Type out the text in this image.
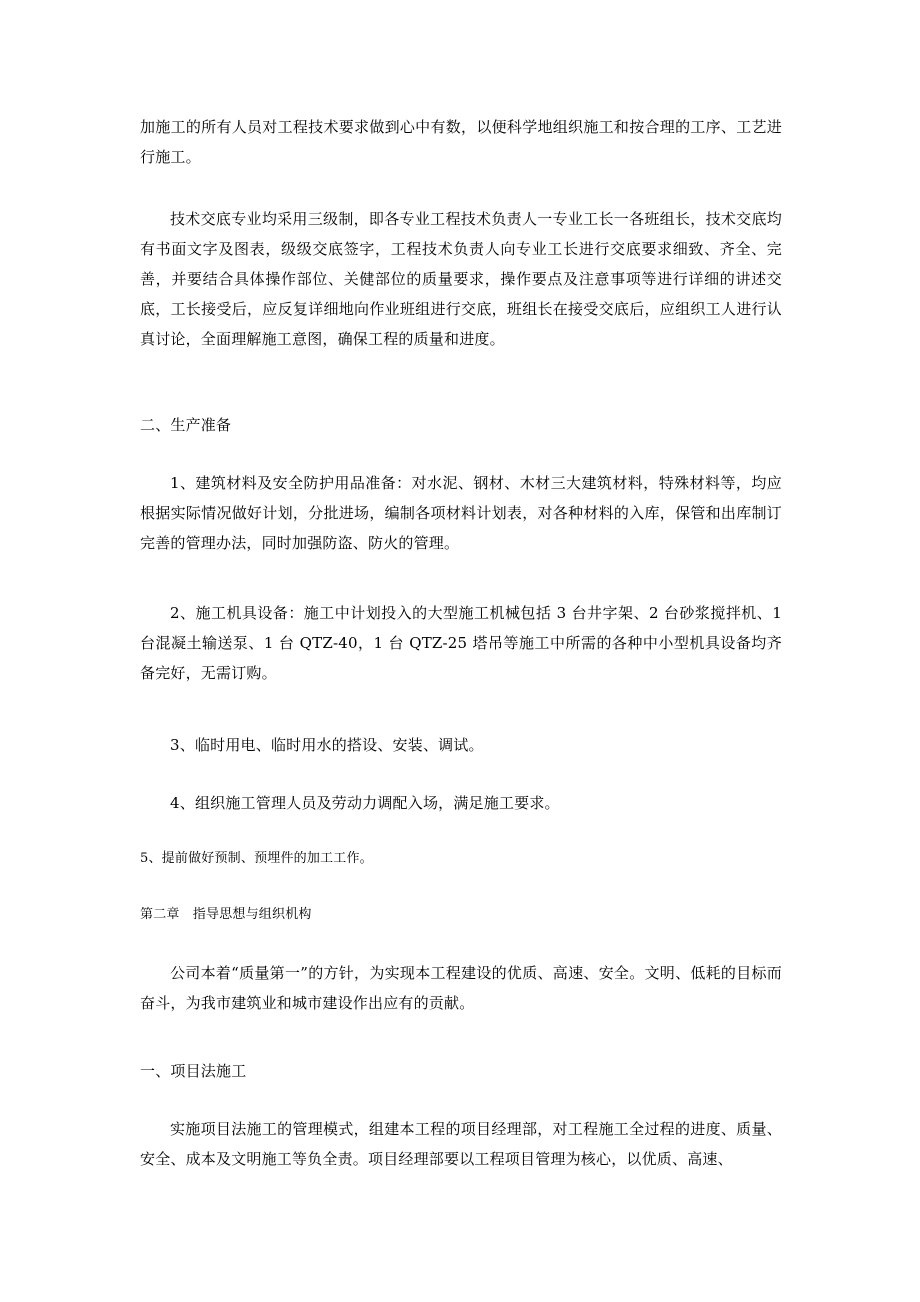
加施工的所有人员对工程技术要求做到心中有数，以便科学地组织施工和按合理的工序、工艺进行施工。

技术交底专业均采用三级制，即各专业工程技术负责人一专业工长一各班组长，技术交底均有书面文字及图表，级级交底签字，工程技术负责人向专业工长进行交底要求细致、齐全、完善，并要结合具体操作部位、关健部位的质量要求，操作要点及注意事项等进行详细的讲述交底，工长接受后，应反复详细地向作业班组进行交底，班组长在接受交底后，应组织工人进行认真讨论，全面理解施工意图，确保工程的质量和进度。

二、生产准备

1、建筑材料及安全防护用品准备：对水泥、钢材、木材三大建筑材料，特殊材料等，均应根据实际情况做好计划，分批进场，编制各项材料计划表，对各种材料的入库，保管和出库制订完善的管理办法，同时加强防盗、防火的管理。

2、施工机具设备：施工中计划投入的大型施工机械包括 3 台井字架、2 台砂浆搅拌机、1 台混凝土输送泵、1 台 QTZ-40，1 台 QTZ-25 塔吊等施工中所需的各种中小型机具设备均齐备完好，无需订购。

3、临时用电、临时用水的搭设、安装、调试。

4、组织施工管理人员及劳动力调配入场，满足施工要求。

5、提前做好预制、预埋件的加工工作。

第二章　指导思想与组织机构

公司本着“质量第一”的方针，为实现本工程建设的优质、高速、安全。文明、低耗的目标而奋斗，为我市建筑业和城市建设作出应有的贡献。

一、项目法施工

实施项目法施工的管理模式，组建本工程的项目经理部，对工程施工全过程的进度、质量、安全、成本及文明施工等负全责。项目经理部要以工程项目管理为核心，以优质、高速、
